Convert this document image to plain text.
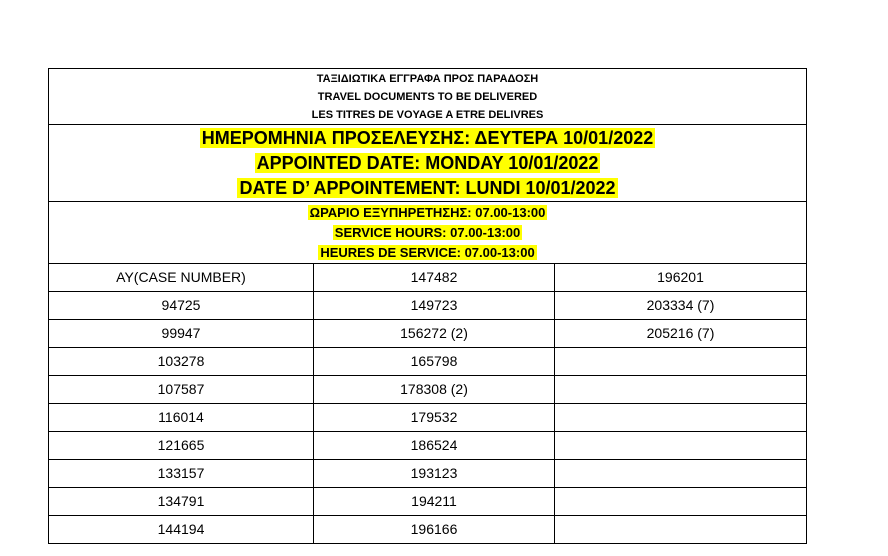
ΤΑΞΙΔΙΩΤΙΚΑ ΕΓΓΡΑΦΑ ΠΡΟΣ ΠΑΡΑΔΟΣΗ
TRAVEL DOCUMENTS TO BE DELIVERED
LES TITRES DE VOYAGE A ETRE DELIVRES		

ΗΜΕΡΟΜΗΝΙΑ ΠΡΟΣΕΛΕΥΣΗΣ: ΔΕΥΤΕΡΑ 10/01/2022
APPOINTED DATE: MONDAY 10/01/2022
DATE D’ APPOINTEMENT: LUNDI 10/01/2022		

ΩΡΑΡΙΟ ΕΞΥΠΗΡΕΤΗΣΗΣ: 07.00-13:00
SERVICE HOURS: 07.00-13:00
HEURES DE SERVICE: 07.00-13:00		

AY(CASE NUMBER)	147482	196201
94725	149723	203334 (7)
99947	156272 (2)	205216 (7)
103278	165798	
107587	178308 (2)	
116014	179532	
121665	186524	
133157	193123	
134791	194211	
144194	196166	
